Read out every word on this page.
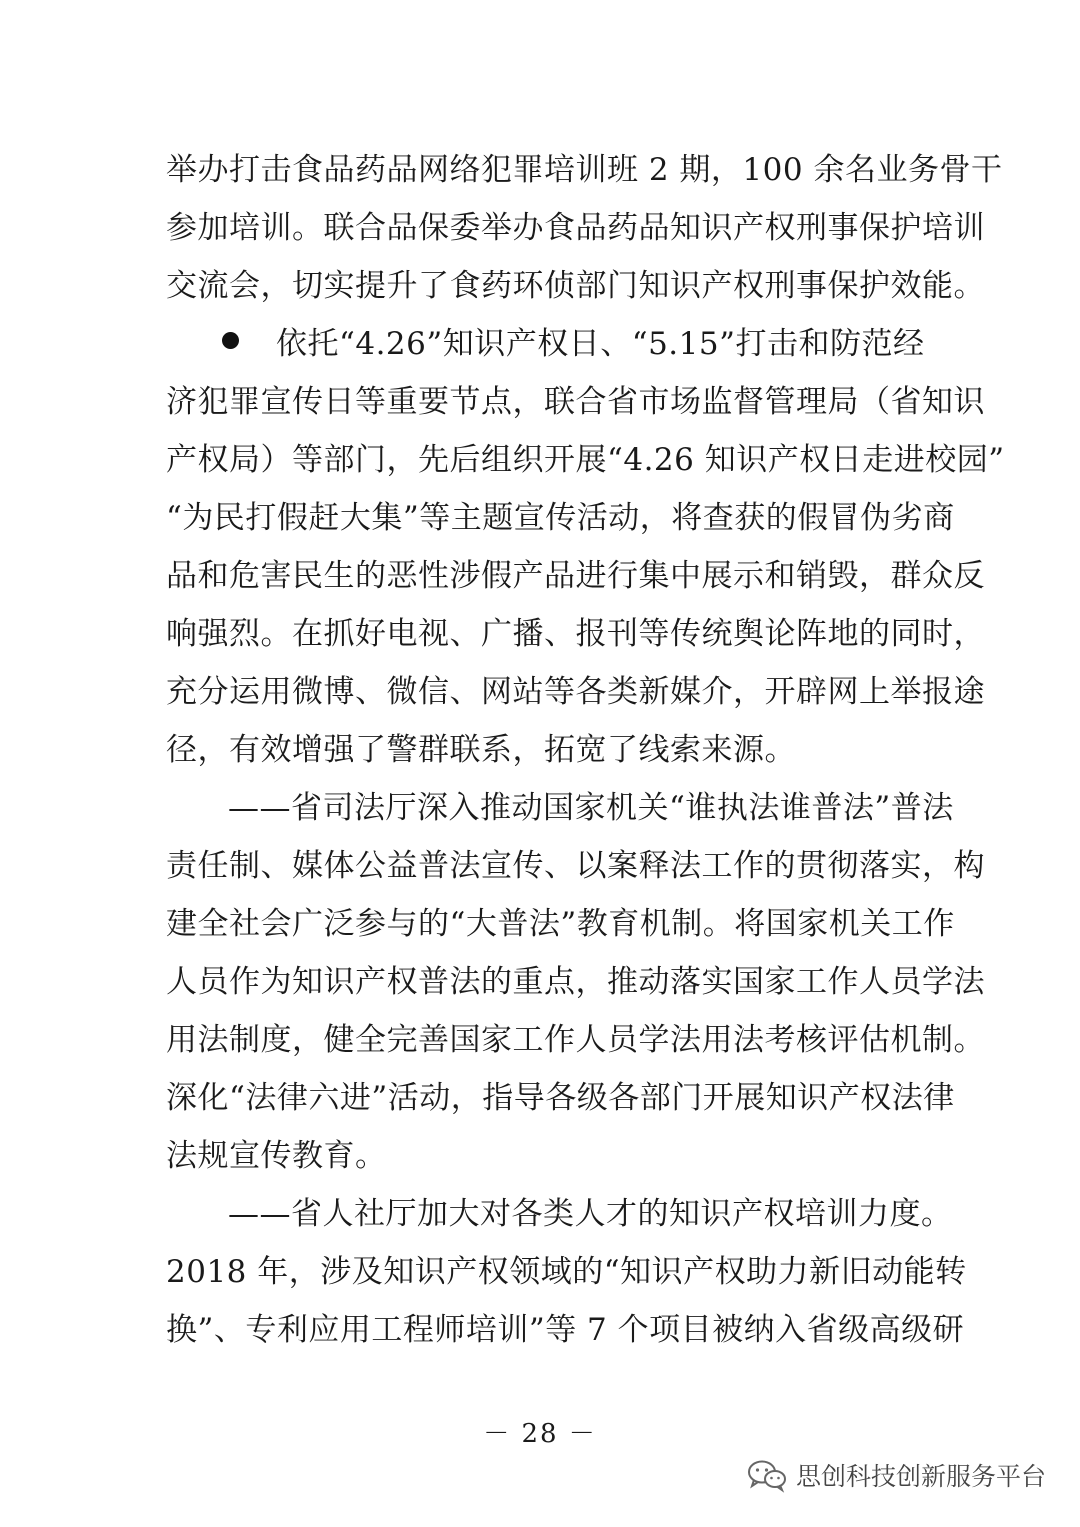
举办打击食品药品网络犯罪培训班 2 期，100 余名业务骨干
参加培训。联合品保委举办食品药品知识产权刑事保护培训
交流会，切实提升了食药环侦部门知识产权刑事保护效能。
依托“4.26”知识产权日、“5.15”打击和防范经
济犯罪宣传日等重要节点，联合省市场监督管理局（省知识
产权局）等部门，先后组织开展“4.26 知识产权日走进校园”
“为民打假赶大集”等主题宣传活动，将查获的假冒伪劣商
品和危害民生的恶性涉假产品进行集中展示和销毁，群众反
响强烈。在抓好电视、广播、报刊等传统舆论阵地的同时，
充分运用微博、微信、网站等各类新媒介，开辟网上举报途
径，有效增强了警群联系，拓宽了线索来源。
——省司法厅深入推动国家机关“谁执法谁普法”普法
责任制、媒体公益普法宣传、以案释法工作的贯彻落实，构
建全社会广泛参与的“大普法”教育机制。将国家机关工作
人员作为知识产权普法的重点，推动落实国家工作人员学法
用法制度，健全完善国家工作人员学法用法考核评估机制。
深化“法律六进”活动，指导各级各部门开展知识产权法律
法规宣传教育。
——省人社厅加大对各类人才的知识产权培训力度。
2018 年，涉及知识产权领域的“知识产权助力新旧动能转
换”、专利应用工程师培训”等 7 个项目被纳入省级高级研
－ 28 －
思创科技创新服务平台
